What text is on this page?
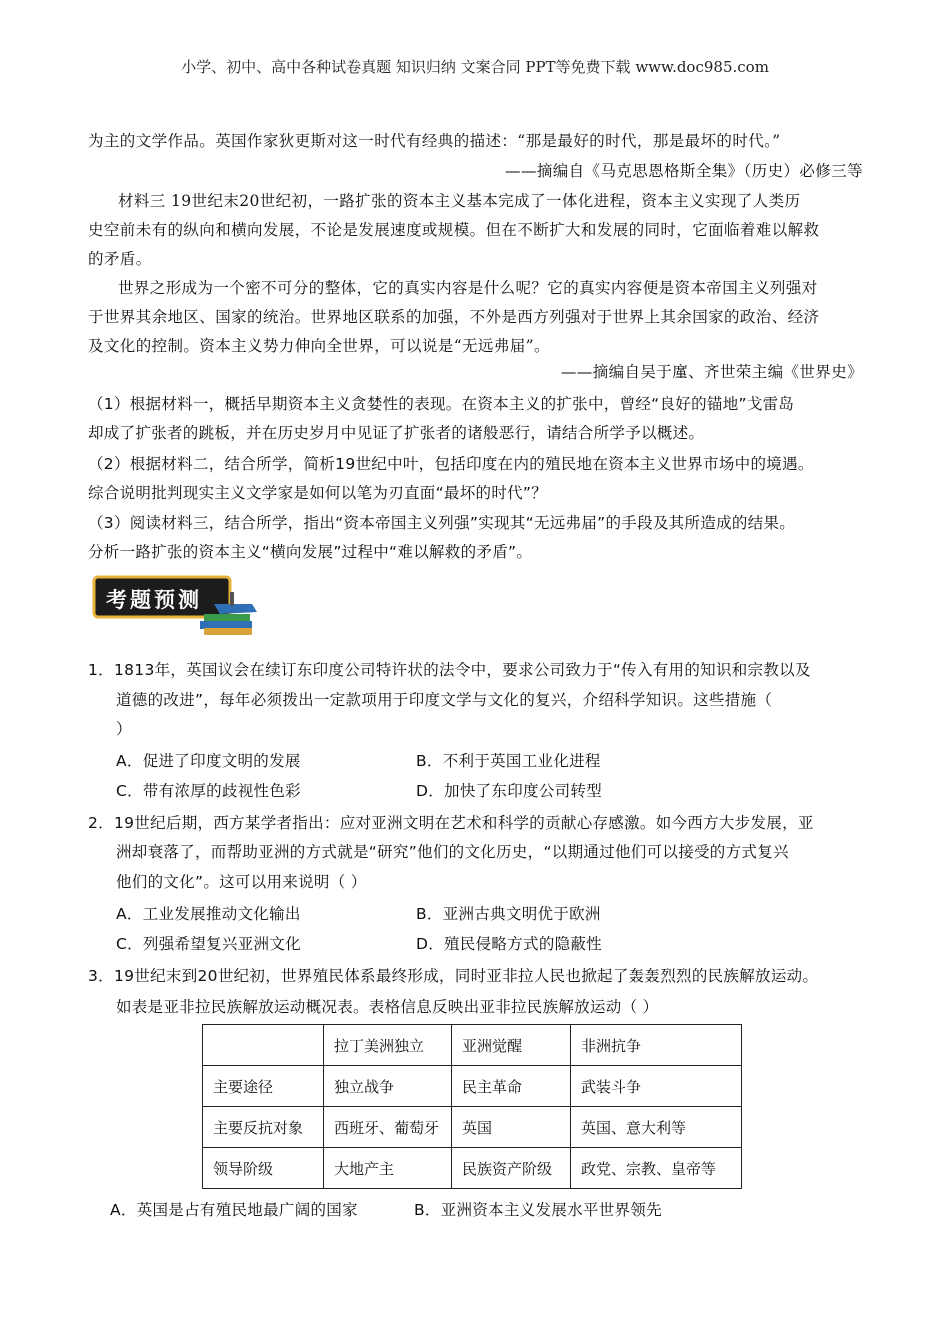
小学、初中、高中各种试卷真题 知识归纳 文案合同 PPT等免费下载 www.doc985.com
为主的文学作品。英国作家狄更斯对这一时代有经典的描述：“那是最好的时代，那是最坏的时代。”
——摘编自《马克思恩格斯全集》（历史）必修三等
材料三 19世纪末20世纪初，一路扩张的资本主义基本完成了一体化进程，资本主义实现了人类历
史空前未有的纵向和横向发展，不论是发展速度或规模。但在不断扩大和发展的同时，它面临着难以解救
的矛盾。
世界之形成为一个密不可分的整体，它的真实内容是什么呢？它的真实内容便是资本帝国主义列强对
于世界其余地区、国家的统治。世界地区联系的加强，不外是西方列强对于世界上其余国家的政治、经济
及文化的控制。资本主义势力伸向全世界，可以说是“无远弗届”。
——摘编自吴于廑、齐世荣主编《世界史》
（1）根据材料一，概括早期资本主义贪婪性的表现。在资本主义的扩张中，曾经“良好的锚地”戈雷岛
却成了扩张者的跳板，并在历史岁月中见证了扩张者的诸般恶行，请结合所学予以概述。
（2）根据材料二，结合所学，简析19世纪中叶，包括印度在内的殖民地在资本主义世界市场中的境遇。
综合说明批判现实主义文学家是如何以笔为刃直面“最坏的时代”？
（3）阅读材料三，结合所学，指出“资本帝国主义列强”实现其“无远弗届”的手段及其所造成的结果。
分析一路扩张的资本主义“横向发展”过程中“难以解救的矛盾”。
考题预测
1．1813年，英国议会在续订东印度公司特许状的法令中，要求公司致力于“传入有用的知识和宗教以及
道德的改进”，每年必须拨出一定款项用于印度文学与文化的复兴，介绍科学知识。这些措施（
）
A．促进了印度文明的发展	B．不利于英国工业化进程
C．带有浓厚的歧视性色彩	D．加快了东印度公司转型
2．19世纪后期，西方某学者指出：应对亚洲文明在艺术和科学的贡献心存感激。如今西方大步发展，亚
洲却衰落了，而帮助亚洲的方式就是“研究”他们的文化历史，“以期通过他们可以接受的方式复兴
他们的文化”。这可以用来说明（ ）
A．工业发展推动文化输出	B．亚洲古典文明优于欧洲
C．列强希望复兴亚洲文化	D．殖民侵略方式的隐蔽性
3．19世纪末到20世纪初，世界殖民体系最终形成，同时亚非拉人民也掀起了轰轰烈烈的民族解放运动。
如表是亚非拉民族解放运动概况表。表格信息反映出亚非拉民族解放运动（ ）
	拉丁美洲独立	亚洲觉醒	非洲抗争
主要途径	独立战争	民主革命	武装斗争
主要反抗对象	西班牙、葡萄牙	英国	英国、意大利等
领导阶级	大地产主	民族资产阶级	政党、宗教、皇帝等
A．英国是占有殖民地最广阔的国家	B．亚洲资本主义发展水平世界领先
